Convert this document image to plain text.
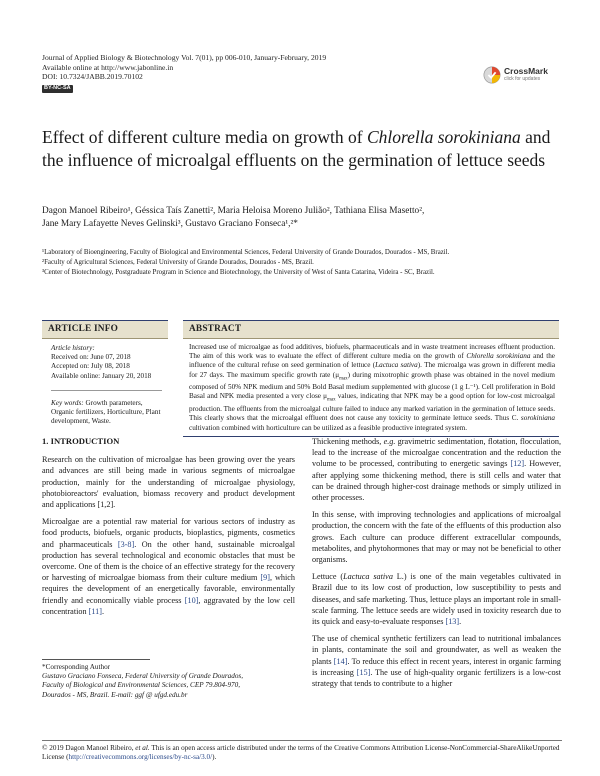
Journal of Applied Biology & Biotechnology Vol. 7(01), pp 006-010, January-February, 2019
Available online at http://www.jabonline.in
DOI: 10.7324/JABB.2019.70102
BY-NC-SA
CrossMark
click for updates
Effect of different culture media on growth of Chlorella sorokiniana and the influence of microalgal effluents on the germination of lettuce seeds
Dagon Manoel Ribeiro¹, Géssica Taís Zanetti², Maria Heloisa Moreno Julião², Tathiana Elisa Masetto²,
Jane Mary Lafayette Neves Gelinski³, Gustavo Graciano Fonseca¹,²*
¹Laboratory of Bioengineering, Faculty of Biological and Environmental Sciences, Federal University of Grande Dourados, Dourados - MS, Brazil.
²Faculty of Agricultural Sciences, Federal University of Grande Dourados, Dourados - MS, Brazil.
³Center of Biotechnology, Postgraduate Program in Science and Biotechnology, the University of West of Santa Catarina, Videira - SC, Brazil.
ARTICLE INFO
Article history:
Received on: June 07, 2018
Accepted on: July 08, 2018
Available online: January 20, 2018
Key words: Growth parameters, Organic fertilizers, Horticulture, Plant development, Waste.
ABSTRACT
Increased use of microalgae as food additives, biofuels, pharmaceuticals and in waste treatment increases effluent production. The aim of this work was to evaluate the effect of different culture media on the growth of Chlorella sorokiniana and the influence of the cultural refuse on seed germination of lettuce (Lactuca sativa). The microalga was grown in different media for 27 days. The maximum specific growth rate $(\mu_{max})$ during mixotrophic growth phase was obtained in the novel medium composed of 50% NPK medium and 50% Bold Basal medium supplemented with glucose (1 g L⁻¹). Cell proliferation in Bold Basal and NPK media presented a very close $\mu_{max}$ values, indicating that NPK may be a good option for low-cost microalgal production. The effluents from the microalgal culture failed to induce any marked variation in the germination of lettuce seeds. This clearly shows that the microalgal effluent does not cause any toxicity to germinate lettuce seeds. Thus C. sorokiniana cultivation combined with horticulture can be utilized as a feasible productive integrated system.
1. INTRODUCTION

Research on the cultivation of microalgae has been growing over the years and advances are still being made in various segments of microalgae production, mainly for the understanding of microalgae physiology, photobioreactors' evaluation, biomass recovery and product development and applications [1,2].

Microalgae are a potential raw material for various sectors of industry as food products, biofuels, organic products, bioplastics, pigments, cosmetics and pharmaceuticals [3-8]. On the other hand, sustainable microalgal production has several technological and economic obstacles that must be overcome. One of them is the choice of an effective strategy for the recovery or harvesting of microalgae biomass from their culture medium [9], which requires the development of an energetically favorable, environmentally friendly and economically viable process [10], aggravated by the low cell concentration [11].

Thickening methods, e.g. gravimetric sedimentation, flotation, flocculation, lead to the increase of the microalgae concentration and the reduction the volume to be processed, contributing to energetic savings [12]. However, after applying some thickening method, there is still cells and water that can be drained through higher-cost drainage methods or simply utilized in other processes.

In this sense, with improving technologies and applications of microalgal production, the concern with the fate of the effluents of this production also grows. Each culture can produce different extracellular compounds, metabolites, and phytohormones that may or may not be beneficial to other organisms.

Lettuce (Lactuca sativa L.) is one of the main vegetables cultivated in Brazil due to its low cost of production, low susceptibility to pests and diseases, and safe marketing. Thus, lettuce plays an important role in small-scale farming. The lettuce seeds are widely used in toxicity research due to its quick and easy-to-evaluate responses [13].

The use of chemical synthetic fertilizers can lead to nutritional imbalances in plants, contaminate the soil and groundwater, as well as weaken the plants [14]. To reduce this effect in recent years, interest in organic farming is increasing [15]. The use of high-quality organic fertilizers is a low-cost strategy that tends to contribute to a higher

*Corresponding Author
Gustavo Graciano Fonseca, Federal University of Grande Dourados,
Faculty of Biological and Environmental Sciences, CEP 79.804-970,
Dourados - MS, Brazil. E-mail: ggf @ ufgd.edu.br
© 2019 Dagon Manoel Ribeiro, et al. This is an open access article distributed under the terms of the Creative Commons Attribution License-NonCommercial-ShareAlikeUnported License (http://creativecommons.org/licenses/by-nc-sa/3.0/).
